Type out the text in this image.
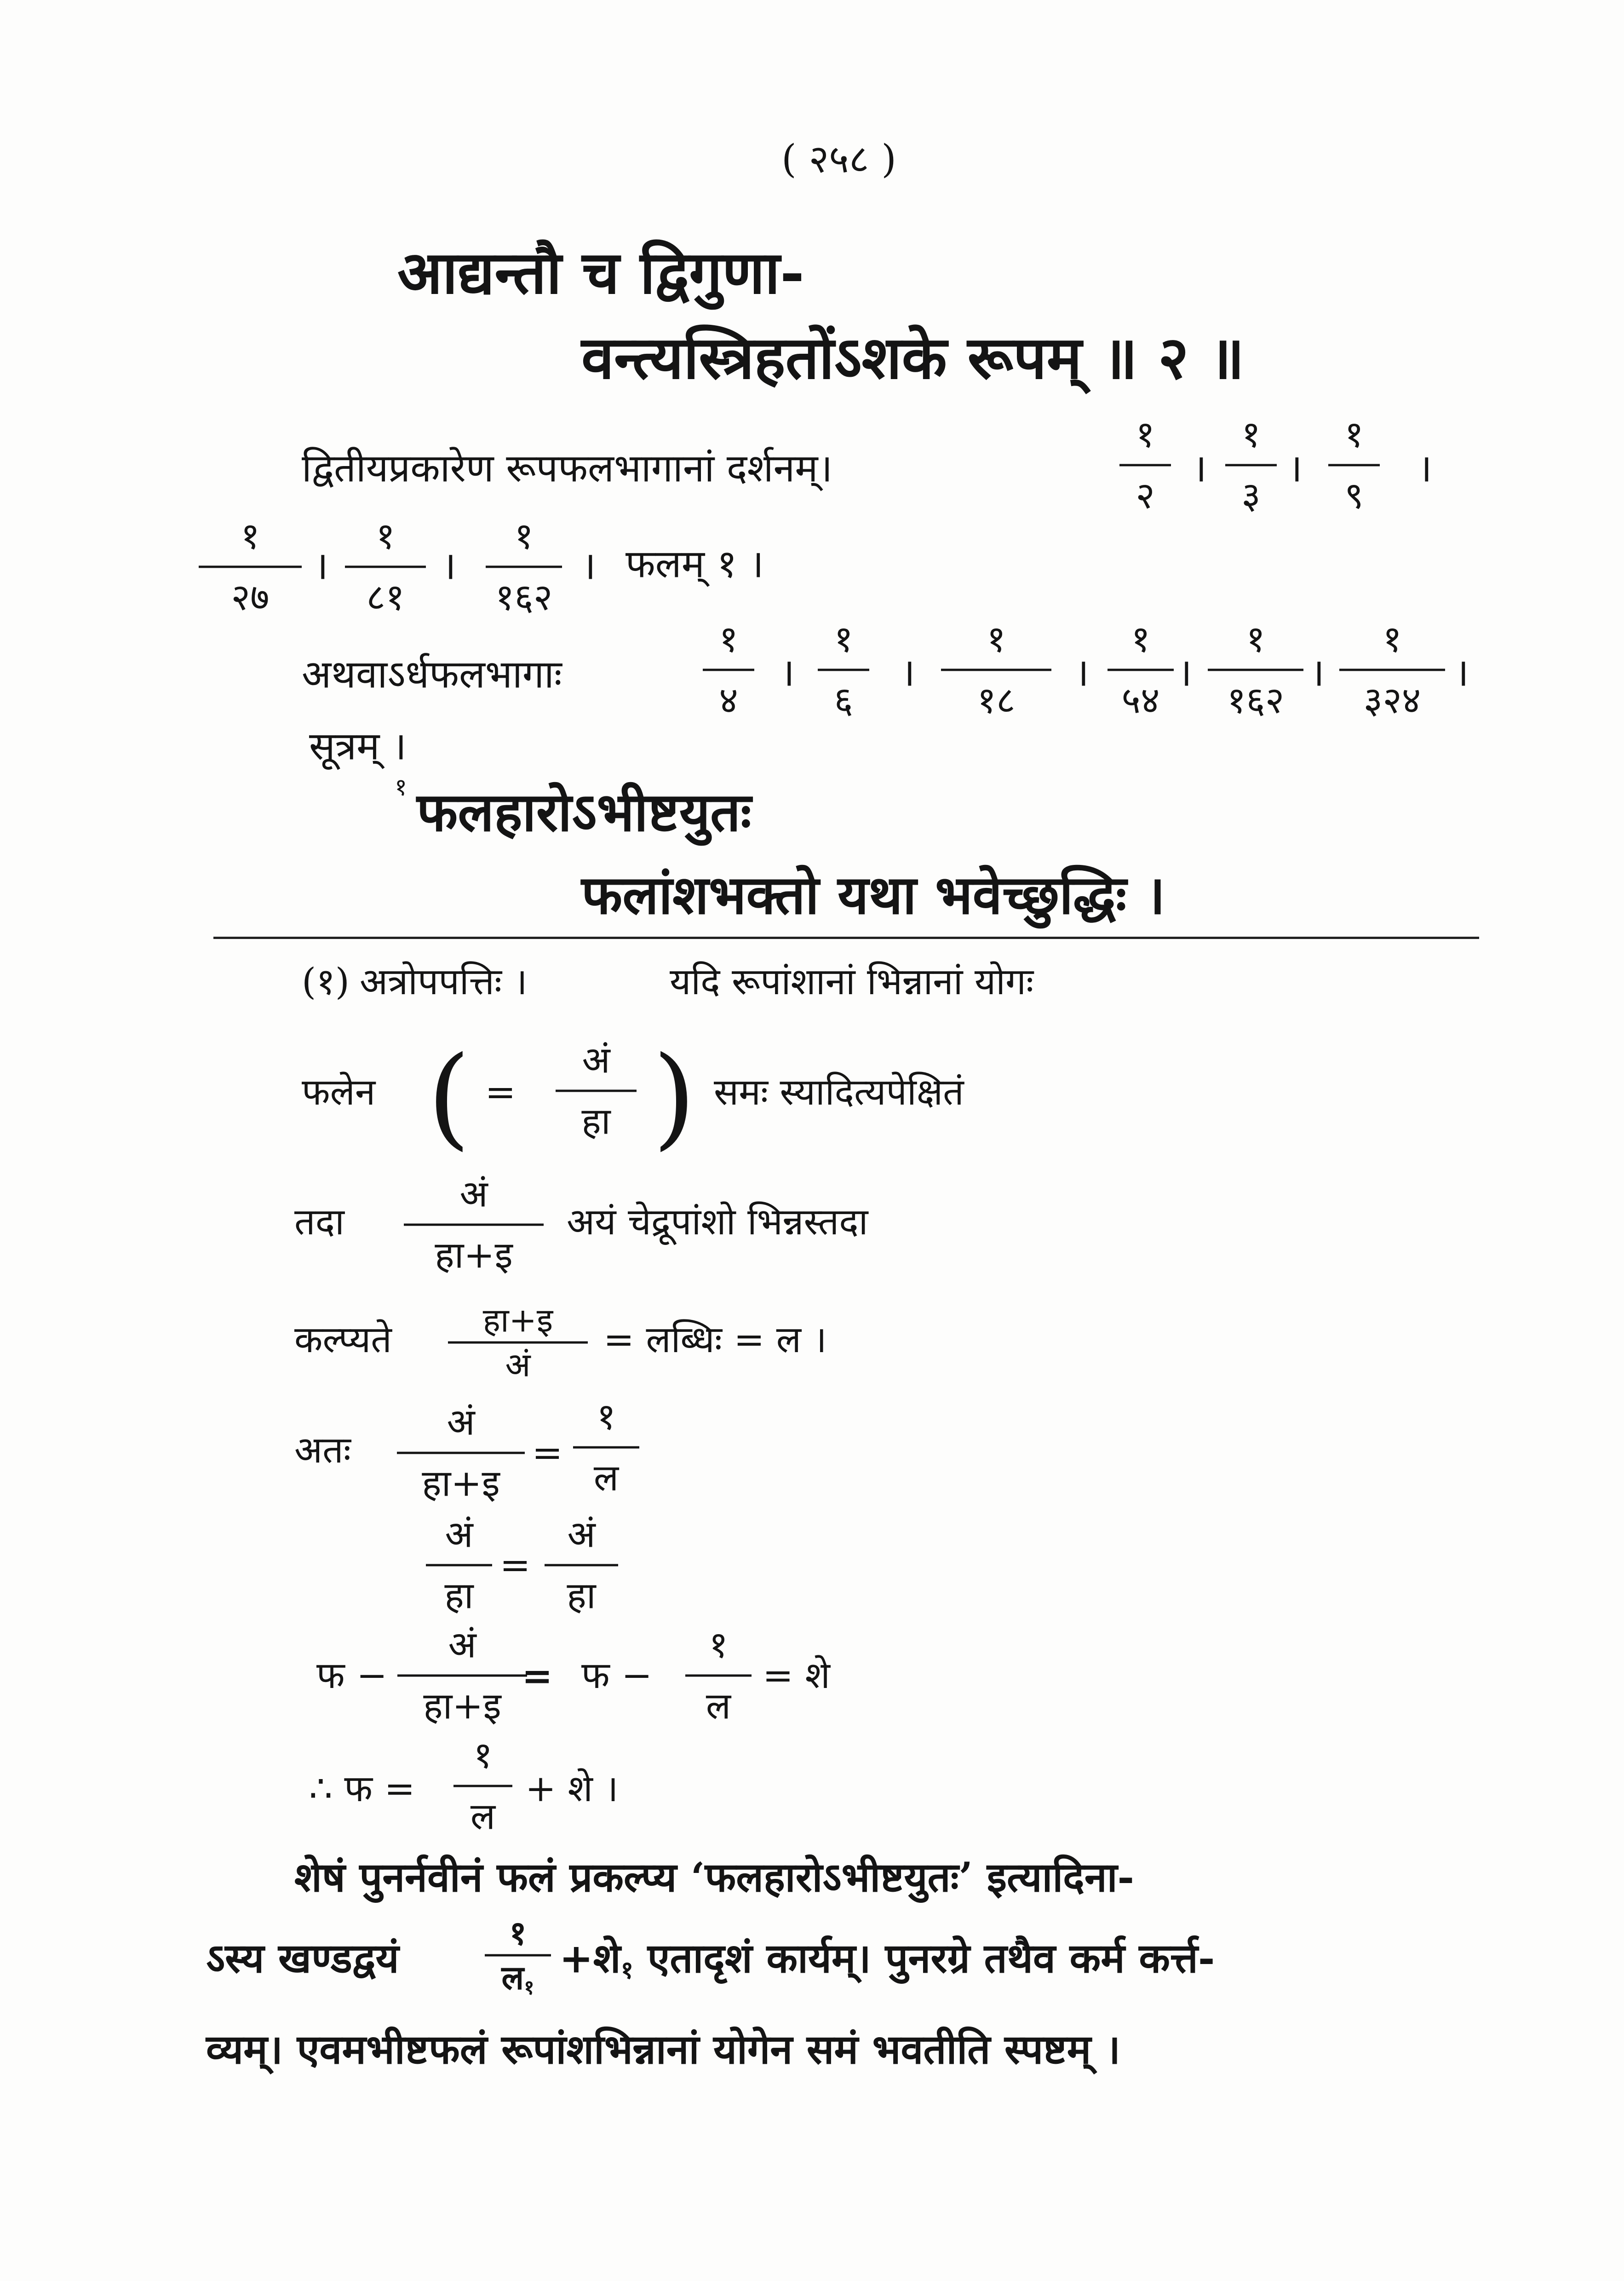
( २५८ )
आद्यन्तौ च द्विगुणा-
वन्त्यस्त्रिहतोंऽशके रूपम् ॥ २ ॥
द्वितीयप्रकारेण रूपफलभागानां दर्शनम्।
१
२
।
१
३
।
१
९
।
१
२७
।
१
८१
।
१
१६२
। फलम् १ ।
अथवाऽर्धफलभागाः
१
४
।
१
६
।
१
१८
।
१
५४
।
१
१६२
।
१
३२४
।
सूत्रम् ।
१ फलहारोऽभीष्टयुतः
फलांशभक्तो यथा भवेच्छुद्धिः ।
(१) अत्रोपपत्तिः ।	यदि रूपांशानां भिन्नानां योगः
फलेन ( =
अं
हा ) समः स्यादित्यपेक्षितं
तदा
अं
हा+इ
अयं चेद्रूपांशो भिन्नस्तदा
कल्प्यते	हा+इ
अं
= लब्धिः = ल ।
अतः
अं
हा+इ
=
१
ल
अं
हा
=
अं
हा
फ −
अं
हा+इ
= फ −
१
ल
= शे
∴ फ =
१
ल
+ शे ।
शेषं पुनर्नवीनं फलं प्रकल्प्य ‘फलहारोऽभीष्टयुतः’ इत्यादिना-
ऽस्य खण्डद्वयं
१
ल$_१$
$+शे_१$ एतादृशं कार्यम्। पुनरग्रे तथैव कर्म कर्त्त-
व्यम्। एवमभीष्टफलं रूपांशभिन्नानां योगेन समं भवतीति स्पष्टम् ।
